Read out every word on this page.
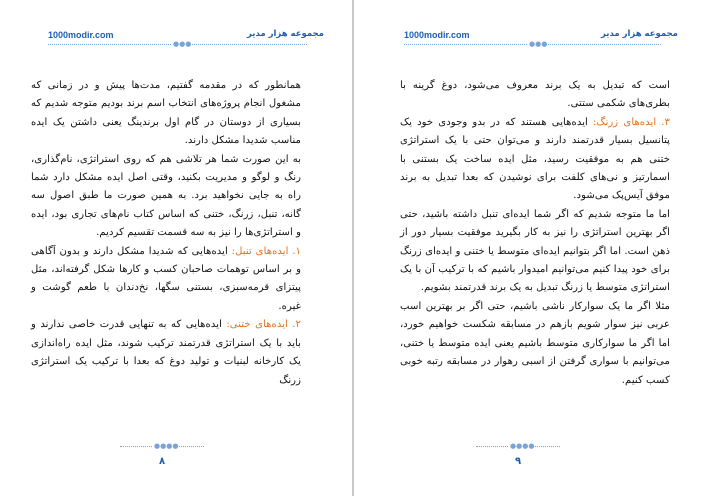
1000modir.com	مجموعه هزار مدیر
●●●

همانطور که در مقدمه گفتیم، مدت‌ها پیش و در زمانی که مشغول انجام پروژه‌های انتخاب اسم برند بودیم متوجه شدیم که بسیاری از دوستان در گام اول برندینگ یعنی داشتن یک ایده مناسب شدیدا مشکل دارند.

به این صورت شما هر تلاشی هم که روی استراتژی، نام‌گذاری، رنگ و لوگو و مدیریت بکنید، وقتی اصل ایده مشکل دارد شما راه به جایی نخواهید برد. به همین صورت ما طبق اصول سه گانه، تنبل، زرنگ، ختنی که اساس کتاب نام‌های تجاری بود، ایده و استراتژی‌ها را نیز به سه قسمت تقسیم کردیم.

۱. ایده‌های تنبل: ایده‌هایی که شدیدا مشکل دارند و بدون آگاهی و بر اساس توهمات صاحبان کسب و کارها شکل گرفته‌اند، مثل پیتزای قرمه‌سبزی، بستنی سگها، نخ‌دندان با طعم گوشت و غیره.

۲. ایده‌های ختنی: ایده‌هایی که به تنهایی قدرت خاصی ندارند و باید با یک استراتژی قدرتمند ترکیب شوند، مثل ایده راه‌اندازی یک کارخانه لبنیات و تولید دوغ که بعدا با ترکیب یک استراتژی زرنگ

●●●●
۸
1000modir.com	مجموعه هزار مدیر
●●●

است که تبدیل به یک برند معروف می‌شود، دوغ گرینه با بطری‌های شکمی ستتی.

۳. ایده‌های زرنگ: ایده‌هایی هستند که در بدو وجودی خود یک پتانسیل بسیار قدرتمند دارند و می‌توان حتی با یک استراتژی ختنی هم به موفقیت رسید، مثل ایده ساخت یک بستنی با اسمارتیز و نی‌های کلفت برای نوشیدن که بعدا تبدیل به برند موفق آیس‌پک می‌شود.

اما ما متوجه شدیم که اگر شما ایده‌ای تنبل داشته باشید، حتی اگر بهترین استراتژی را نیز به کار بگیرید موفقیت بسیار دور از ذهن است. اما اگر بتوانیم ایده‌ای متوسط یا ختنی و ایده‌ای زرنگ برای خود پیدا کنیم می‌توانیم امیدوار باشیم که با ترکیب آن با یک استراتژی متوسط یا زرنگ تبدیل به یک برند قدرتمند بشویم.

مثلا اگر ما یک سوارکار ناشی باشیم، حتی اگر بر بهترین اسب عربی نیز سوار شویم بازهم در مسابقه شکست خواهیم خورد، اما اگر ما سوارکاری متوسط باشیم یعنی ایده متوسط یا ختنی، می‌توانیم با سواری گرفتن از اسبی رهوار در مسابقه رتبه خوبی کسب کنیم.

●●●●
۹
